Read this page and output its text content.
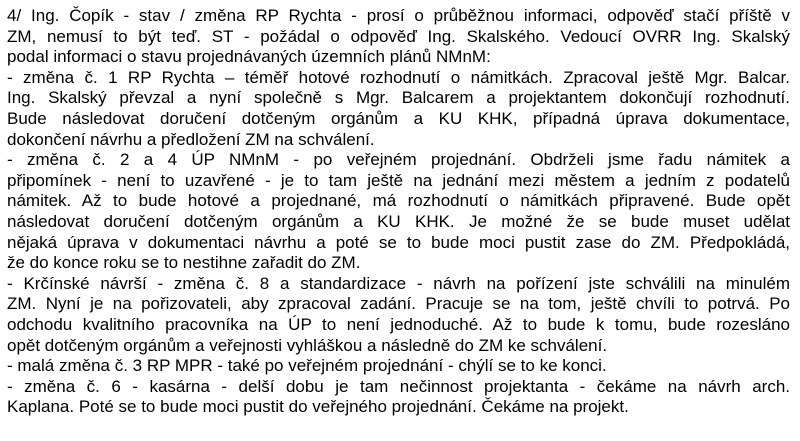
4/ Ing. Čopík - stav / změna RP Rychta - prosí o průběžnou informaci, odpověď stačí příště v
ZM, nemusí to být teď. ST - požádal o odpověď Ing. Skalského. Vedoucí OVRR Ing. Skalský
podal informaci o stavu projednávaných územních plánů NMnM:
- změna č. 1 RP Rychta – téměř hotové rozhodnutí o námitkách. Zpracoval ještě Mgr. Balcar.
Ing. Skalský převzal a nyní společně s Mgr. Balcarem a projektantem dokončují rozhodnutí.
Bude následovat doručení dotčeným orgánům a KU KHK, případná úprava dokumentace,
dokončení návrhu a předložení ZM na schválení.
- změna č. 2 a 4 ÚP NMnM - po veřejném projednání. Obdrželi jsme řadu námitek a
připomínek - není to uzavřené - je to tam ještě na jednání mezi městem a jedním z podatelů
námitek. Až to bude hotové a projednané, má rozhodnutí o námitkách připravené. Bude opět
následovat doručení dotčeným orgánům a KU KHK. Je možné že se bude muset udělat
nějaká úprava v dokumentaci návrhu a poté se to bude moci pustit zase do ZM. Předpokládá,
že do konce roku se to nestihne zařadit do ZM.
- Krčínské návrší - změna č. 8 a standardizace - návrh na pořízení jste schválili na minulém
ZM. Nyní je na pořizovateli, aby zpracoval zadání. Pracuje se na tom, ještě chvíli to potrvá. Po
odchodu kvalitního pracovníka na ÚP to není jednoduché. Až to bude k tomu, bude rozesláno
opět dotčeným orgánům a veřejnosti vyhláškou a následně do ZM ke schválení.
- malá změna č. 3 RP MPR - také po veřejném projednání - chýlí se to ke konci.
- změna č. 6 - kasárna - delší dobu je tam nečinnost projektanta - čekáme na návrh arch.
Kaplana. Poté se to bude moci pustit do veřejného projednání. Čekáme na projekt.
